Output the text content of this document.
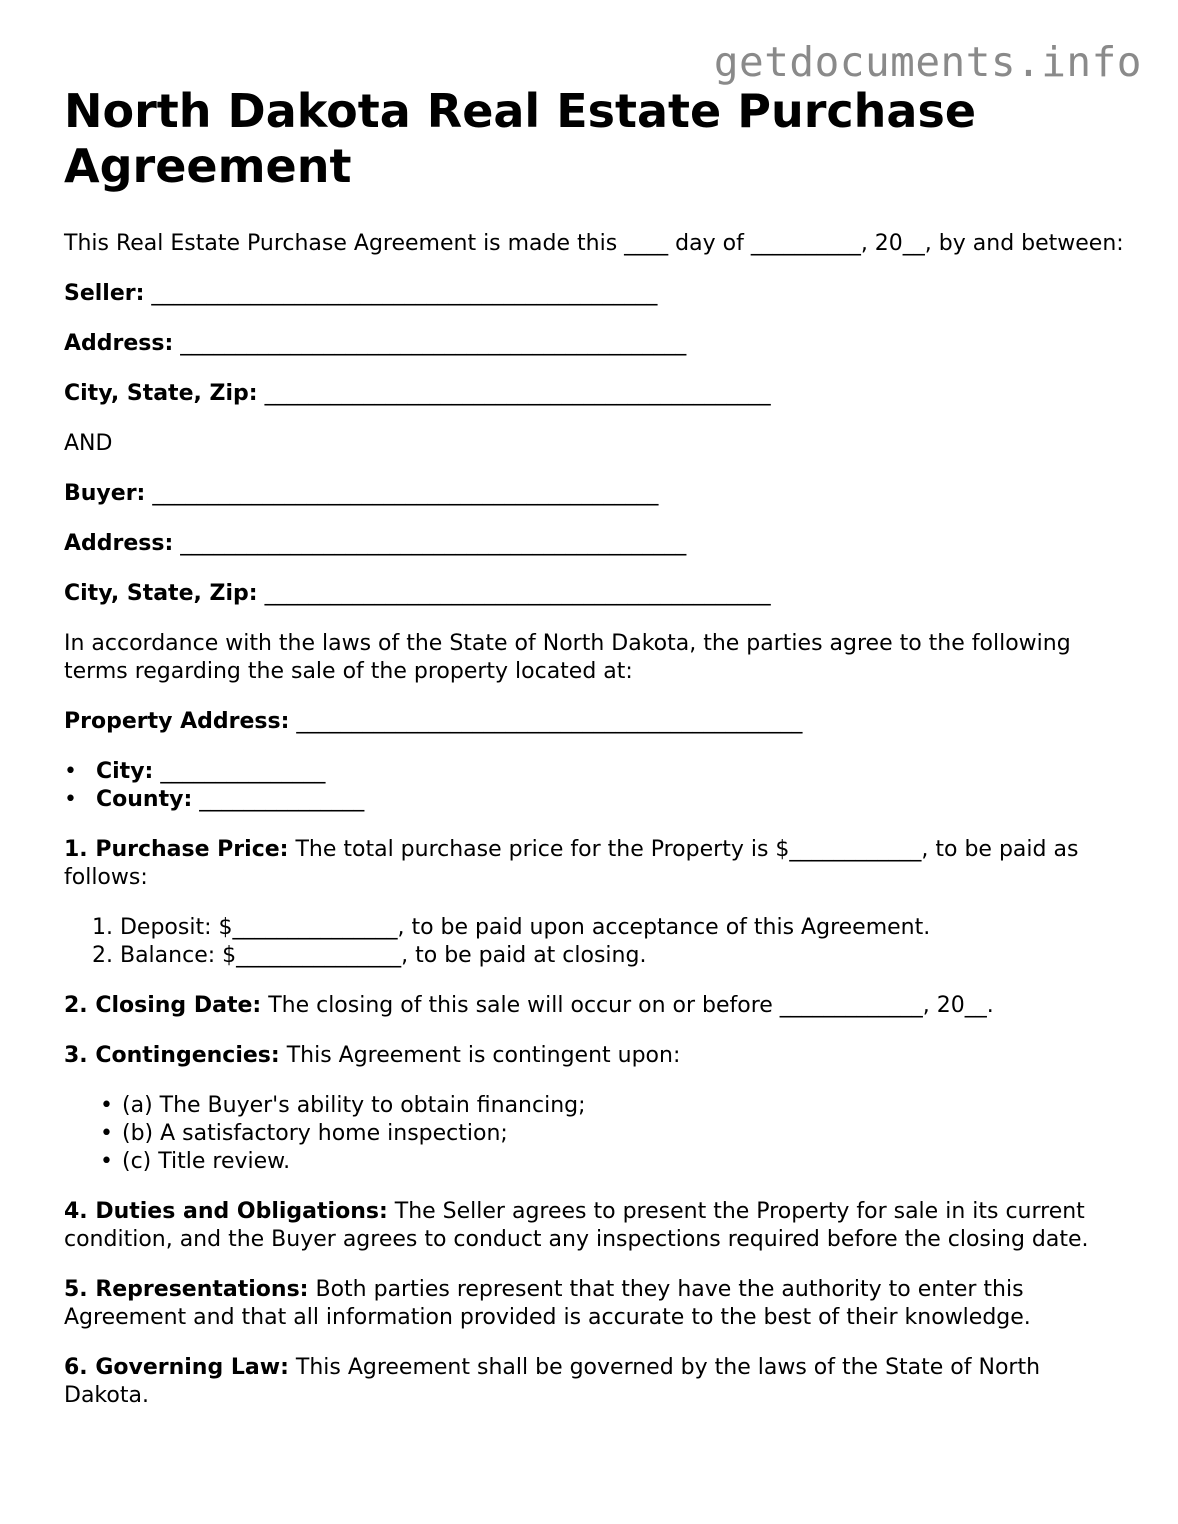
getdocuments.info
North Dakota Real Estate Purchase Agreement

This Real Estate Purchase Agreement is made this ____ day of __________, 20__, by and between:

Seller: ______________________________________________

Address: ______________________________________________

City, State, Zip: ______________________________________________

AND

Buyer: ______________________________________________

Address: ______________________________________________

City, State, Zip: ______________________________________________

In accordance with the laws of the State of North Dakota, the parties agree to the following terms regarding the sale of the property located at:

Property Address: ______________________________________________

• City: _______________
• County: _______________

1. Purchase Price: The total purchase price for the Property is $____________, to be paid as follows:

1. Deposit: $_______________, to be paid upon acceptance of this Agreement.
2. Balance: $_______________, to be paid at closing.

2. Closing Date: The closing of this sale will occur on or before _____________, 20__.

3. Contingencies: This Agreement is contingent upon:

• (a) The Buyer's ability to obtain financing;
• (b) A satisfactory home inspection;
• (c) Title review.

4. Duties and Obligations: The Seller agrees to present the Property for sale in its current condition, and the Buyer agrees to conduct any inspections required before the closing date.

5. Representations: Both parties represent that they have the authority to enter this Agreement and that all information provided is accurate to the best of their knowledge.

6. Governing Law: This Agreement shall be governed by the laws of the State of North Dakota.
